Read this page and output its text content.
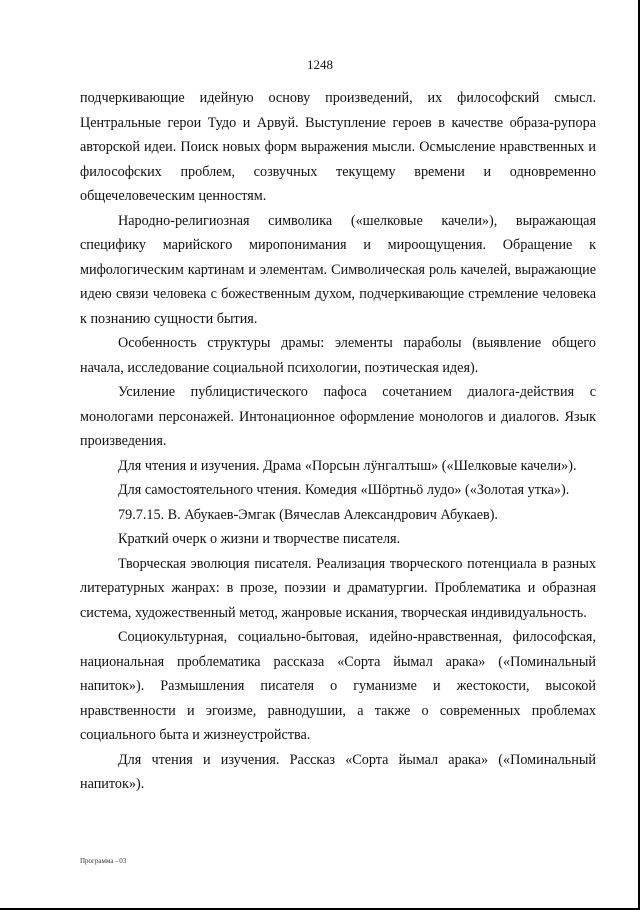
1248

подчеркивающие идейную основу произведений, их философский смысл. Центральные герои Тудо и Арвуй. Выступление героев в качестве образа-рупора авторской идеи. Поиск новых форм выражения мысли. Осмысление нравственных и философских проблем, созвучных текущему времени и одновременно общечеловеческим ценностям.

Народно-религиозная символика («шелковые качели»), выражающая специфику марийского миропонимания и мироощущения. Обращение к мифологическим картинам и элементам. Символическая роль качелей, выражающие идею связи человека с божественным духом, подчеркивающие стремление человека к познанию сущности бытия.

Особенность структуры драмы: элементы параболы (выявление общего начала, исследование социальной психологии, поэтическая идея).

Усиление публицистического пафоса сочетанием диалога-действия с монологами персонажей. Интонационное оформление монологов и диалогов. Язык произведения.

Для чтения и изучения. Драма «Порсын лӱнгалтыш» («Шелковые качели»).

Для самостоятельного чтения. Комедия «Шӧртньӧ лудо» («Золотая утка»).

79.7.15. В. Абукаев-Эмгак (Вячеслав Александрович Абукаев).

Краткий очерк о жизни и творчестве писателя.

Творческая эволюция писателя. Реализация творческого потенциала в разных литературных жанрах: в прозе, поэзии и драматургии. Проблематика и образная система, художественный метод, жанровые искания, творческая индивидуальность.

Социокультурная, социально-бытовая, идейно-нравственная, философская, национальная проблематика рассказа «Сорта йымал арака» («Поминальный напиток»). Размышления писателя о гуманизме и жестокости, высокой нравственности и эгоизме, равнодушии, а также о современных проблемах социального быта и жизнеустройства.

Для чтения и изучения. Рассказ «Сорта йымал арака» («Поминальный напиток»).

Программа - 03
